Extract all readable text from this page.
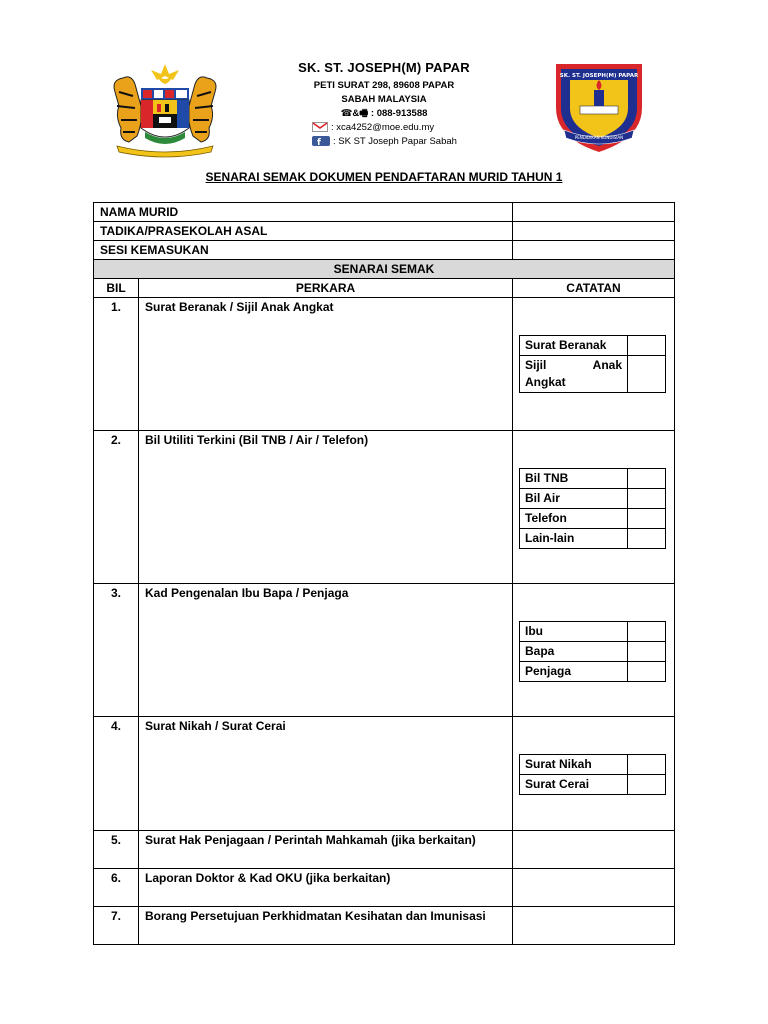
SK. ST. JOSEPH(M) PAPAR
PETI SURAT 298, 89608 PAPAR
SABAH MALAYSIA
☎&🖷 : 088-913588
: xca4252@moe.edu.my
f : SK ST Joseph Papar Sabah
SK. ST. JOSEPH(M) PAPAR
PENDIDIKAN KONDISIAN
SENARAI SEMAK DOKUMEN PENDAFTARAN MURID TAHUN 1
NAMA MURID	
TADIKA/PRASEKOLAH ASAL	
SESI KEMASUKAN	
SENARAI SEMAK
BIL	PERKARA	CATATAN
1.	Surat Beranak / Sijil Anak Angkat	
Surat Beranak	
Sijil Anak Angkat	

2.	Bil Utiliti Terkini (Bil TNB / Air / Telefon)	
Bil TNB	
Bil Air	
Telefon	
Lain-lain	

3.	Kad Pengenalan Ibu Bapa / Penjaga	
Ibu	
Bapa	
Penjaga	

4.	Surat Nikah / Surat Cerai	
Surat Nikah	
Surat Cerai	

5.	Surat Hak Penjagaan / Perintah Mahkamah (jika berkaitan)	
6.	Laporan Doktor & Kad OKU (jika berkaitan)	
7.	Borang Persetujuan Perkhidmatan Kesihatan dan Imunisasi	
